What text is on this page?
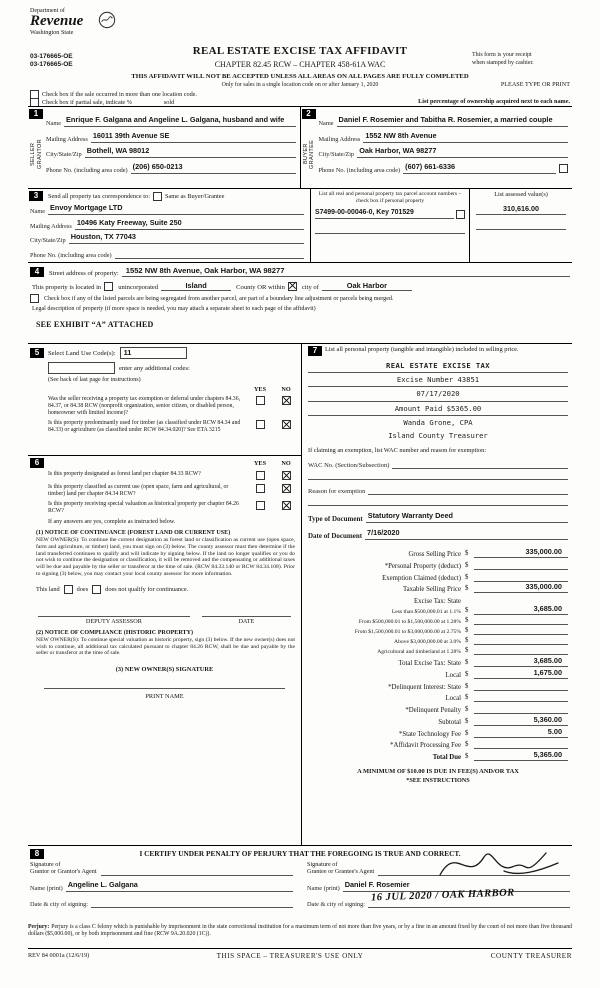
Department of
Revenue
Washington State
03-176665-OE
03-176665-OE
REAL ESTATE EXCISE TAX AFFIDAVIT
CHAPTER 82.45 RCW – CHAPTER 458-61A WAC
This form is your receipt
when stamped by cashier.
THIS AFFIDAVIT WILL NOT BE ACCEPTED UNLESS ALL AREAS ON ALL PAGES ARE FULLY COMPLETED
Only for sales in a single location code on or after January 1, 2020	PLEASE TYPE OR PRINT
Check box if the sale occurred in more than one location code.
Check box if partial sale, indicate %	sold	List percentage of ownership acquired next to each name.
1
SELLER GRANTOR
Name Enrique F. Galgana and Angeline L. Galgana, husband and wife
Mailing Address 16011 39th Avenue SE
City/State/Zip Bothell, WA 98012
Phone No. (including area code) (206) 650-0213
2
BUYER GRANTEE
Name Daniel F. Rosemier and Tabitha R. Rosemier, a married couple
Mailing Address 1552 NW 8th Avenue
City/State/Zip Oak Harbor, WA 98277
Phone No. (including area code) (607) 661-6336
3	Send all property tax correspondence to: Same as Buyer/Grantee
Name Envoy Mortgage LTD
Mailing Address 10496 Katy Freeway, Suite 250
City/State/Zip Houston, TX 77043
Phone No. (including area code)
List all real and personal property tax parcel account numbers – check box if personal property
S7499-00-00046-0, Key 701529
List assessed value(s)
310,616.00
4	Street address of property: 1552 NW 8th Avenue, Oak Harbor, WA 98277
This property is located in	unincorporated	Island	County OR within	city of	Oak Harbor
Check box if any of the listed parcels are being segregated from another parcel, are part of a boundary line adjustment or parcels being merged.
Legal description of property (if more space is needed, you may attach a separate sheet to each page of the affidavit)
SEE EXHIBIT “A” ATTACHED
5	Select Land Use Code(s):	11
enter any additional codes:
(See back of last page for instructions)
YES	NO
Was the seller receiving a property tax exemption or deferral under chapters 84.36, 84.37, or 84.38 RCW (nonprofit organization, senior citizen, or disabled person, homeowner with limited income)?
Is this property predominantly used for timber (as classified under RCW 84.34 and 84.33) or agriculture (as classified under RCW 84.34.020)? See ETA 3215
6	YES	NO
Is this property designated as forest land per chapter 84.33 RCW?
Is this property classified as current use (open space, farm and agricultural, or timber) land per chapter 84.34 RCW?
Is this property receiving special valuation as historical property per chapter 84.26 RCW?
If any answers are yes, complete as instructed below.
(1) NOTICE OF CONTINUANCE (FOREST LAND OR CURRENT USE)
NEW OWNER(S): To continue the current designation as forest land or classification as current use (open space, farm and agriculture, or timber) land, you must sign on (3) below. The county assessor must then determine if the land transferred continues to qualify and will indicate by signing below. If the land no longer qualifies or you do not wish to continue the designation or classification, it will be removed and the compensating or additional taxes will be due and payable by the seller or transferor at the time of sale. (RCW 84.33.140 or RCW 84.34.108). Prior to signing (3) below, you may contact your local county assessor for more information.
This land	does	does not qualify for continuance.
DEPUTY ASSESSOR	DATE
(2) NOTICE OF COMPLIANCE (HISTORIC PROPERTY)
NEW OWNER(S): To continue special valuation as historic property, sign (3) below. If the new owner(s) does not wish to continue, all additional tax calculated pursuant to chapter 84.26 RCW, shall be due and payable by the seller or transferor at the time of sale.
(3) NEW OWNER(S) SIGNATURE
PRINT NAME
7	List all personal property (tangible and intangible) included in selling price.
REAL ESTATE EXCISE TAX
Excise Number 43851
07/17/2020
Amount Paid $5365.00
Wanda Grone, CPA
Island County Treasurer
If claiming an exemption, list WAC number and reason for exemption:
WAC No. (Section/Subsection)
Reason for exemption
Type of Document Statutory Warranty Deed
Date of Document 7/16/2020
Gross Selling Price $	335,000.00
*Personal Property (deduct) $
Exemption Claimed (deduct) $
Taxable Selling Price $	335,000.00
Excise Tax: State
Less than $500,000.01 at 1.1% $	3,685.00
From $500,000.01 to $1,500,000.00 at 1.28% $
From $1,500,000.01 to $3,000,000.00 at 2.75% $
Above $3,000,000.00 at 3.0% $
Agricultural and timberland at 1.28% $
Total Excise Tax: State $	3,685.00
Local $	1,675.00
*Delinquent Interest: State $
Local $
*Delinquent Penalty $
Subtotal $	5,360.00
*State Technology Fee $	5.00
*Affidavit Processing Fee $
Total Due $	5,365.00
A MINIMUM OF $10.00 IS DUE IN FEE(S) AND/OR TAX
*SEE INSTRUCTIONS
8	I CERTIFY UNDER PENALTY OF PERJURY THAT THE FOREGOING IS TRUE AND CORRECT.
Signature of
Grantor or Grantor's Agent
Signature of
Grantee or Grantee's Agent
Name (print) Angeline L. Galgana	Name (print) Daniel F. Rosemier
Date & city of signing:	Date & city of signing:
16 JUL 2020 / OAK HARBOR
Perjury: Perjury is a class C felony which is punishable by imprisonment in the state correctional institution for a maximum term of not more than five years, or by a fine in an amount fixed by the court of not more than five thousand dollars ($5,000.00), or by both imprisonment and fine (RCW 9A.20.020 (1C)).
REV 84 0001a (12/6/19)	THIS SPACE – TREASURER'S USE ONLY	COUNTY TREASURER
